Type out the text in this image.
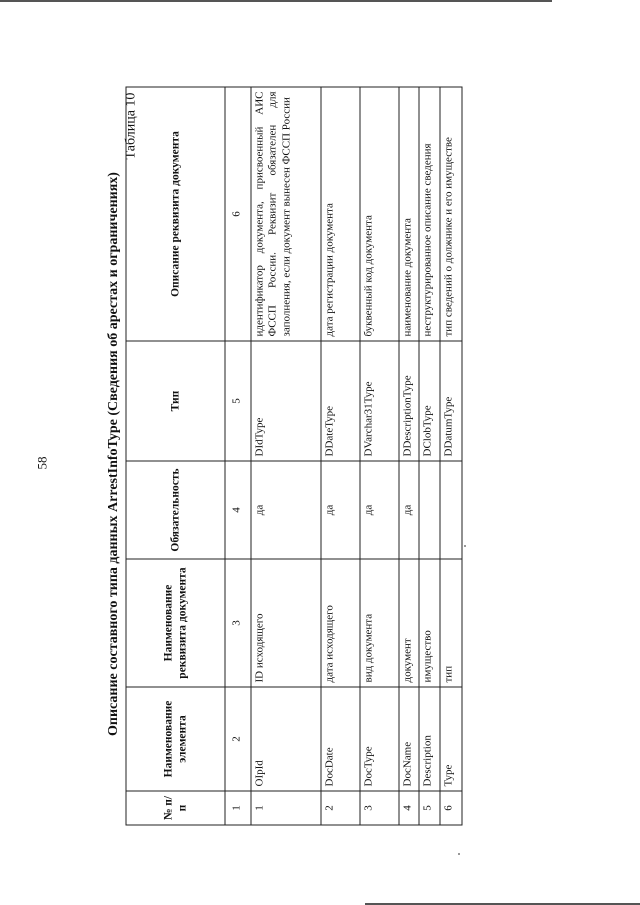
58	Описание составного типа данных ArrestInfoType (Сведения об арестах и ограничениях)
Таблица 10
№ п/п	Наименование элемента	Наименование реквизита документа	Обязательность	Тип	Описание реквизита документа
1	2	3	4	5	6
1	OIpId	ID исходящего	да	DIdType	идентификатор документа, присвоенный АИС ФССП России. Реквизит обязателен для заполнения, если документ вынесен ФССП России
2	DocDate	дата исходящего	да	DDateType	дата регистрации документа
3	DocType	вид документа	да	DVarchar31Type	буквенный код документа
4	DocName	документ	да	DDescriptionType	наименование документа
5	Description	имущество		DClobType	неструктурированное описание сведения
6	Type	тип		DDatumType	тип сведений о должнике и его имуществе
